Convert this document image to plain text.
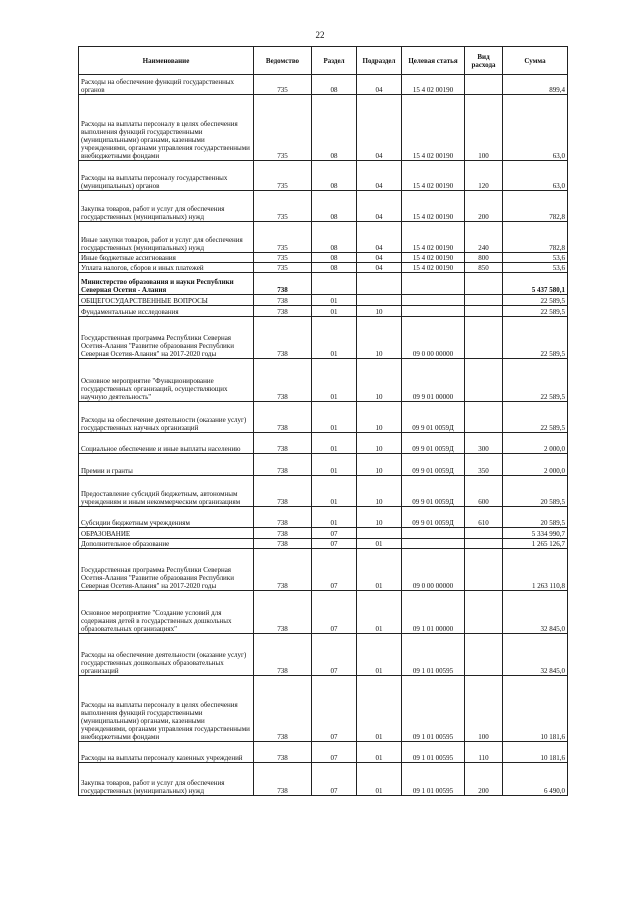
22
Наименование	Ведомство	Раздел	Подраздел	Целевая статья	Вид расхода	Сумма
Расходы на обеспечение функций государственных органов	735	08	04	15 4 02 00190		899,4
Расходы на выплаты персоналу в целях обеспечения выполнения функций государственными (муниципальными) органами, казенными учреждениями, органами управления государственными внебюджетными фондами	735	08	04	15 4 02 00190	100	63,0
Расходы на выплаты персоналу государственных (муниципальных) органов	735	08	04	15 4 02 00190	120	63,0
Закупка товаров, работ и услуг для обеспечения государственных (муниципальных) нужд	735	08	04	15 4 02 00190	200	782,8
Иные закупки товаров, работ и услуг для обеспечения государственных (муниципальных) нужд	735	08	04	15 4 02 00190	240	782,8
Иные бюджетные ассигнования	735	08	04	15 4 02 00190	800	53,6
Уплата налогов, сборов и иных платежей	735	08	04	15 4 02 00190	850	53,6
Министерство образования и науки Республики Северная Осетия - Алания	738					5 437 580,1
ОБЩЕГОСУДАРСТВЕННЫЕ ВОПРОСЫ	738	01				22 589,5
Фундаментальные исследования	738	01	10			22 589,5
Государственная программа Республики Северная Осетия-Алания "Развитие образования Республики Северная Осетия-Алания" на 2017-2020 годы	738	01	10	09 0 00 00000		22 589,5
Основное мероприятие "Функционирование государственных организаций, осуществляющих научную деятельность"	738	01	10	09 9 01 00000		22 589,5
Расходы на обеспечение деятельности (оказание услуг) государственных научных организаций	738	01	10	09 9 01 0059Д		22 589,5
Социальное обеспечение и иные выплаты населению	738	01	10	09 9 01 0059Д	300	2 000,0
Премии и гранты	738	01	10	09 9 01 0059Д	350	2 000,0
Предоставление субсидий бюджетным, автономным учреждениям и иным некоммерческим организациям	738	01	10	09 9 01 0059Д	600	20 589,5
Субсидии бюджетным учреждениям	738	01	10	09 9 01 0059Д	610	20 589,5
ОБРАЗОВАНИЕ	738	07				5 334 990,7
Дополнительное образование	738	07	01			1 265 126,7
Государственная программа Республики Северная Осетия-Алания "Развитие образования Республики Северная Осетия-Алания" на 2017-2020 годы	738	07	01	09 0 00 00000		1 263 110,8
Основное мероприятие "Создание условий для содержания детей в государственных дошкольных образовательных организациях"	738	07	01	09 1 01 00000		32 845,0
Расходы на обеспечение деятельности (оказание услуг) государственных дошкольных образовательных организаций	738	07	01	09 1 01 00595		32 845,0
Расходы на выплаты персоналу в целях обеспечения выполнения функций государственными (муниципальными) органами, казенными учреждениями, органами управления государственными внебюджетными фондами	738	07	01	09 1 01 00595	100	10 181,6
Расходы на выплаты персоналу казенных учреждений	738	07	01	09 1 01 00595	110	10 181,6
Закупка товаров, работ и услуг для обеспечения государственных (муниципальных) нужд	738	07	01	09 1 01 00595	200	6 490,0
